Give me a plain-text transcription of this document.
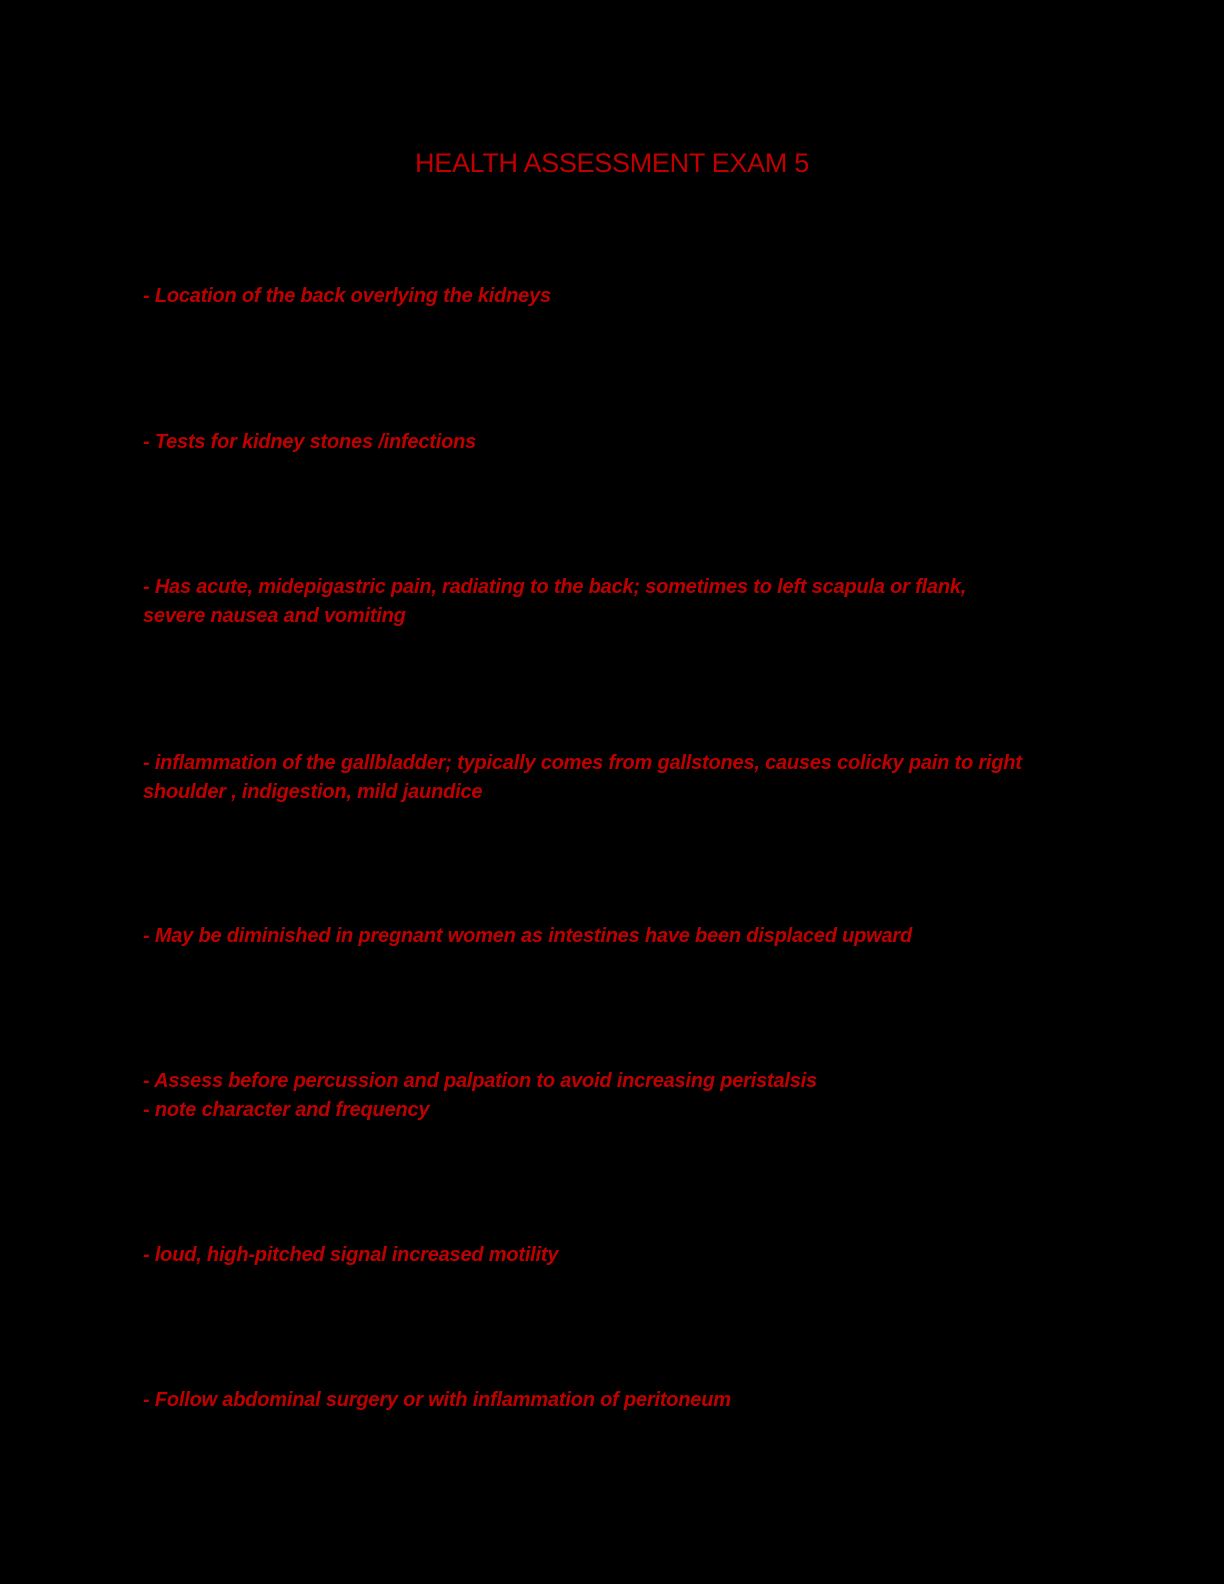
HEALTH ASSESSMENT EXAM 5
- Location of the back overlying the kidneys
- Tests for kidney stones /infections
- Has acute, midepigastric pain, radiating to the back; sometimes to left scapula or flank,
severe nausea and vomiting
- inflammation of the gallbladder; typically comes from gallstones, causes colicky pain to right
shoulder , indigestion, mild jaundice
- May be diminished in pregnant women as intestines have been displaced upward
- Assess before percussion and palpation to avoid increasing peristalsis
- note character and frequency
- loud, high-pitched signal increased motility
- Follow abdominal surgery or with inflammation of peritoneum
